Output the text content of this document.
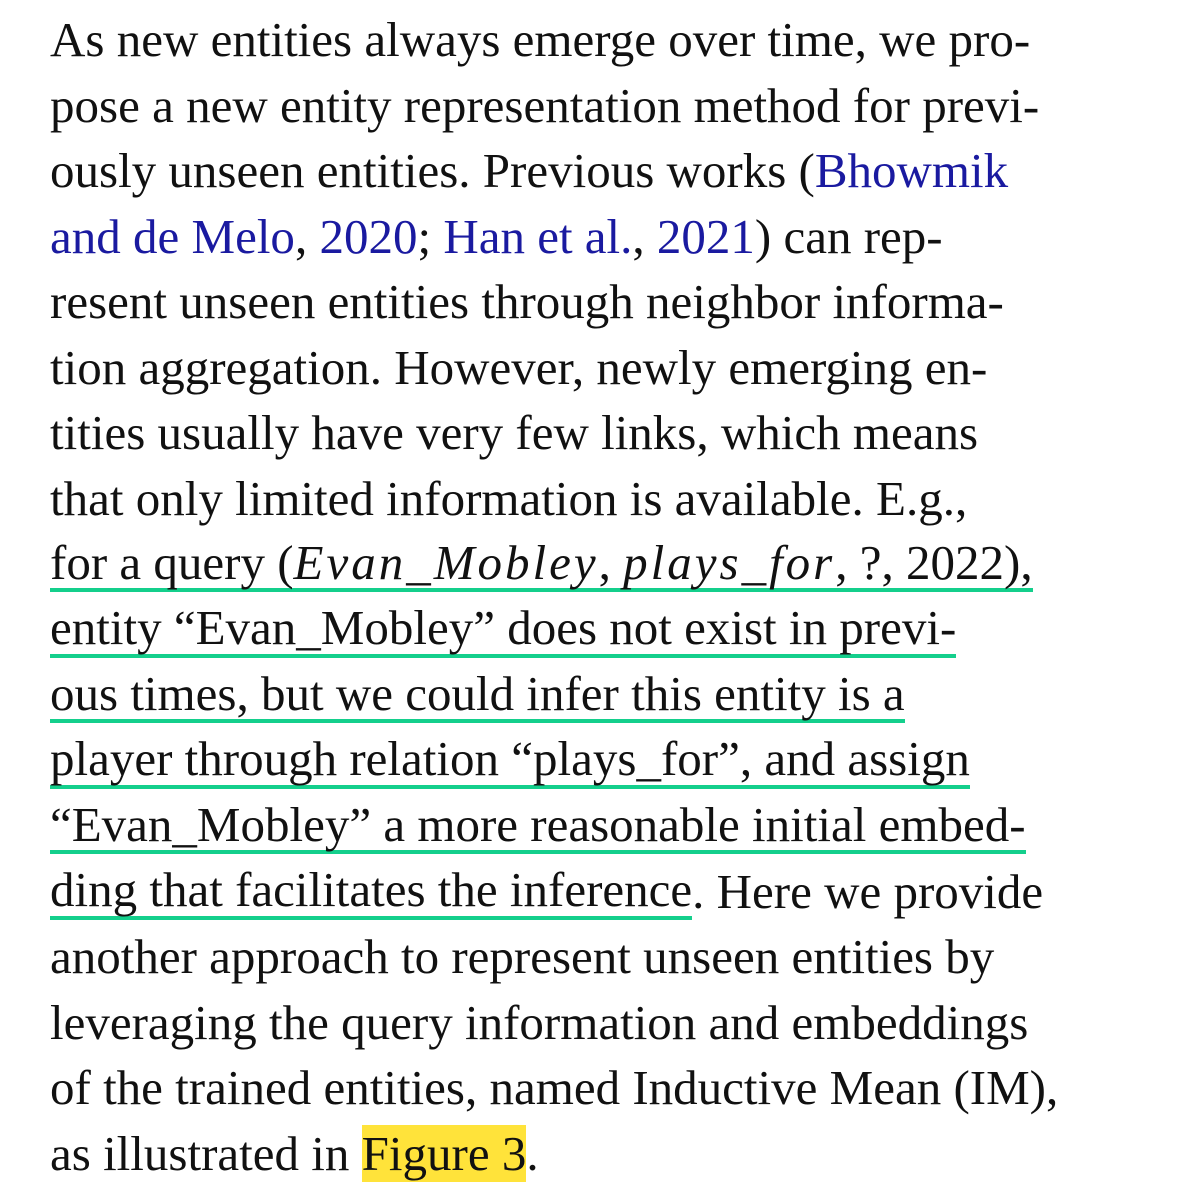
As new entities always emerge over time, we pro-
pose a new entity representation method for previ-
ously unseen entities. Previous works ( Bhowmik
and de Melo , 2020 ; Han et al. , 2021 ) can rep-
resent unseen entities through neighbor informa-
tion aggregation. However, newly emerging en-
tities usually have very few links, which means
that only limited information is available. E.g.,
for a query (Evan_Mobley, plays_for, ?, 2022),
entity “Evan_Mobley” does not exist in previ-
ous times, but we could infer this entity is a
player through relation “plays_for”, and assign
“Evan_Mobley” a more reasonable initial embed-
ding that facilitates the inference . Here we provide
another approach to represent unseen entities by
leveraging the query information and embeddings
of the trained entities, named Inductive Mean (IM),
as illustrated in Figure 3 .
